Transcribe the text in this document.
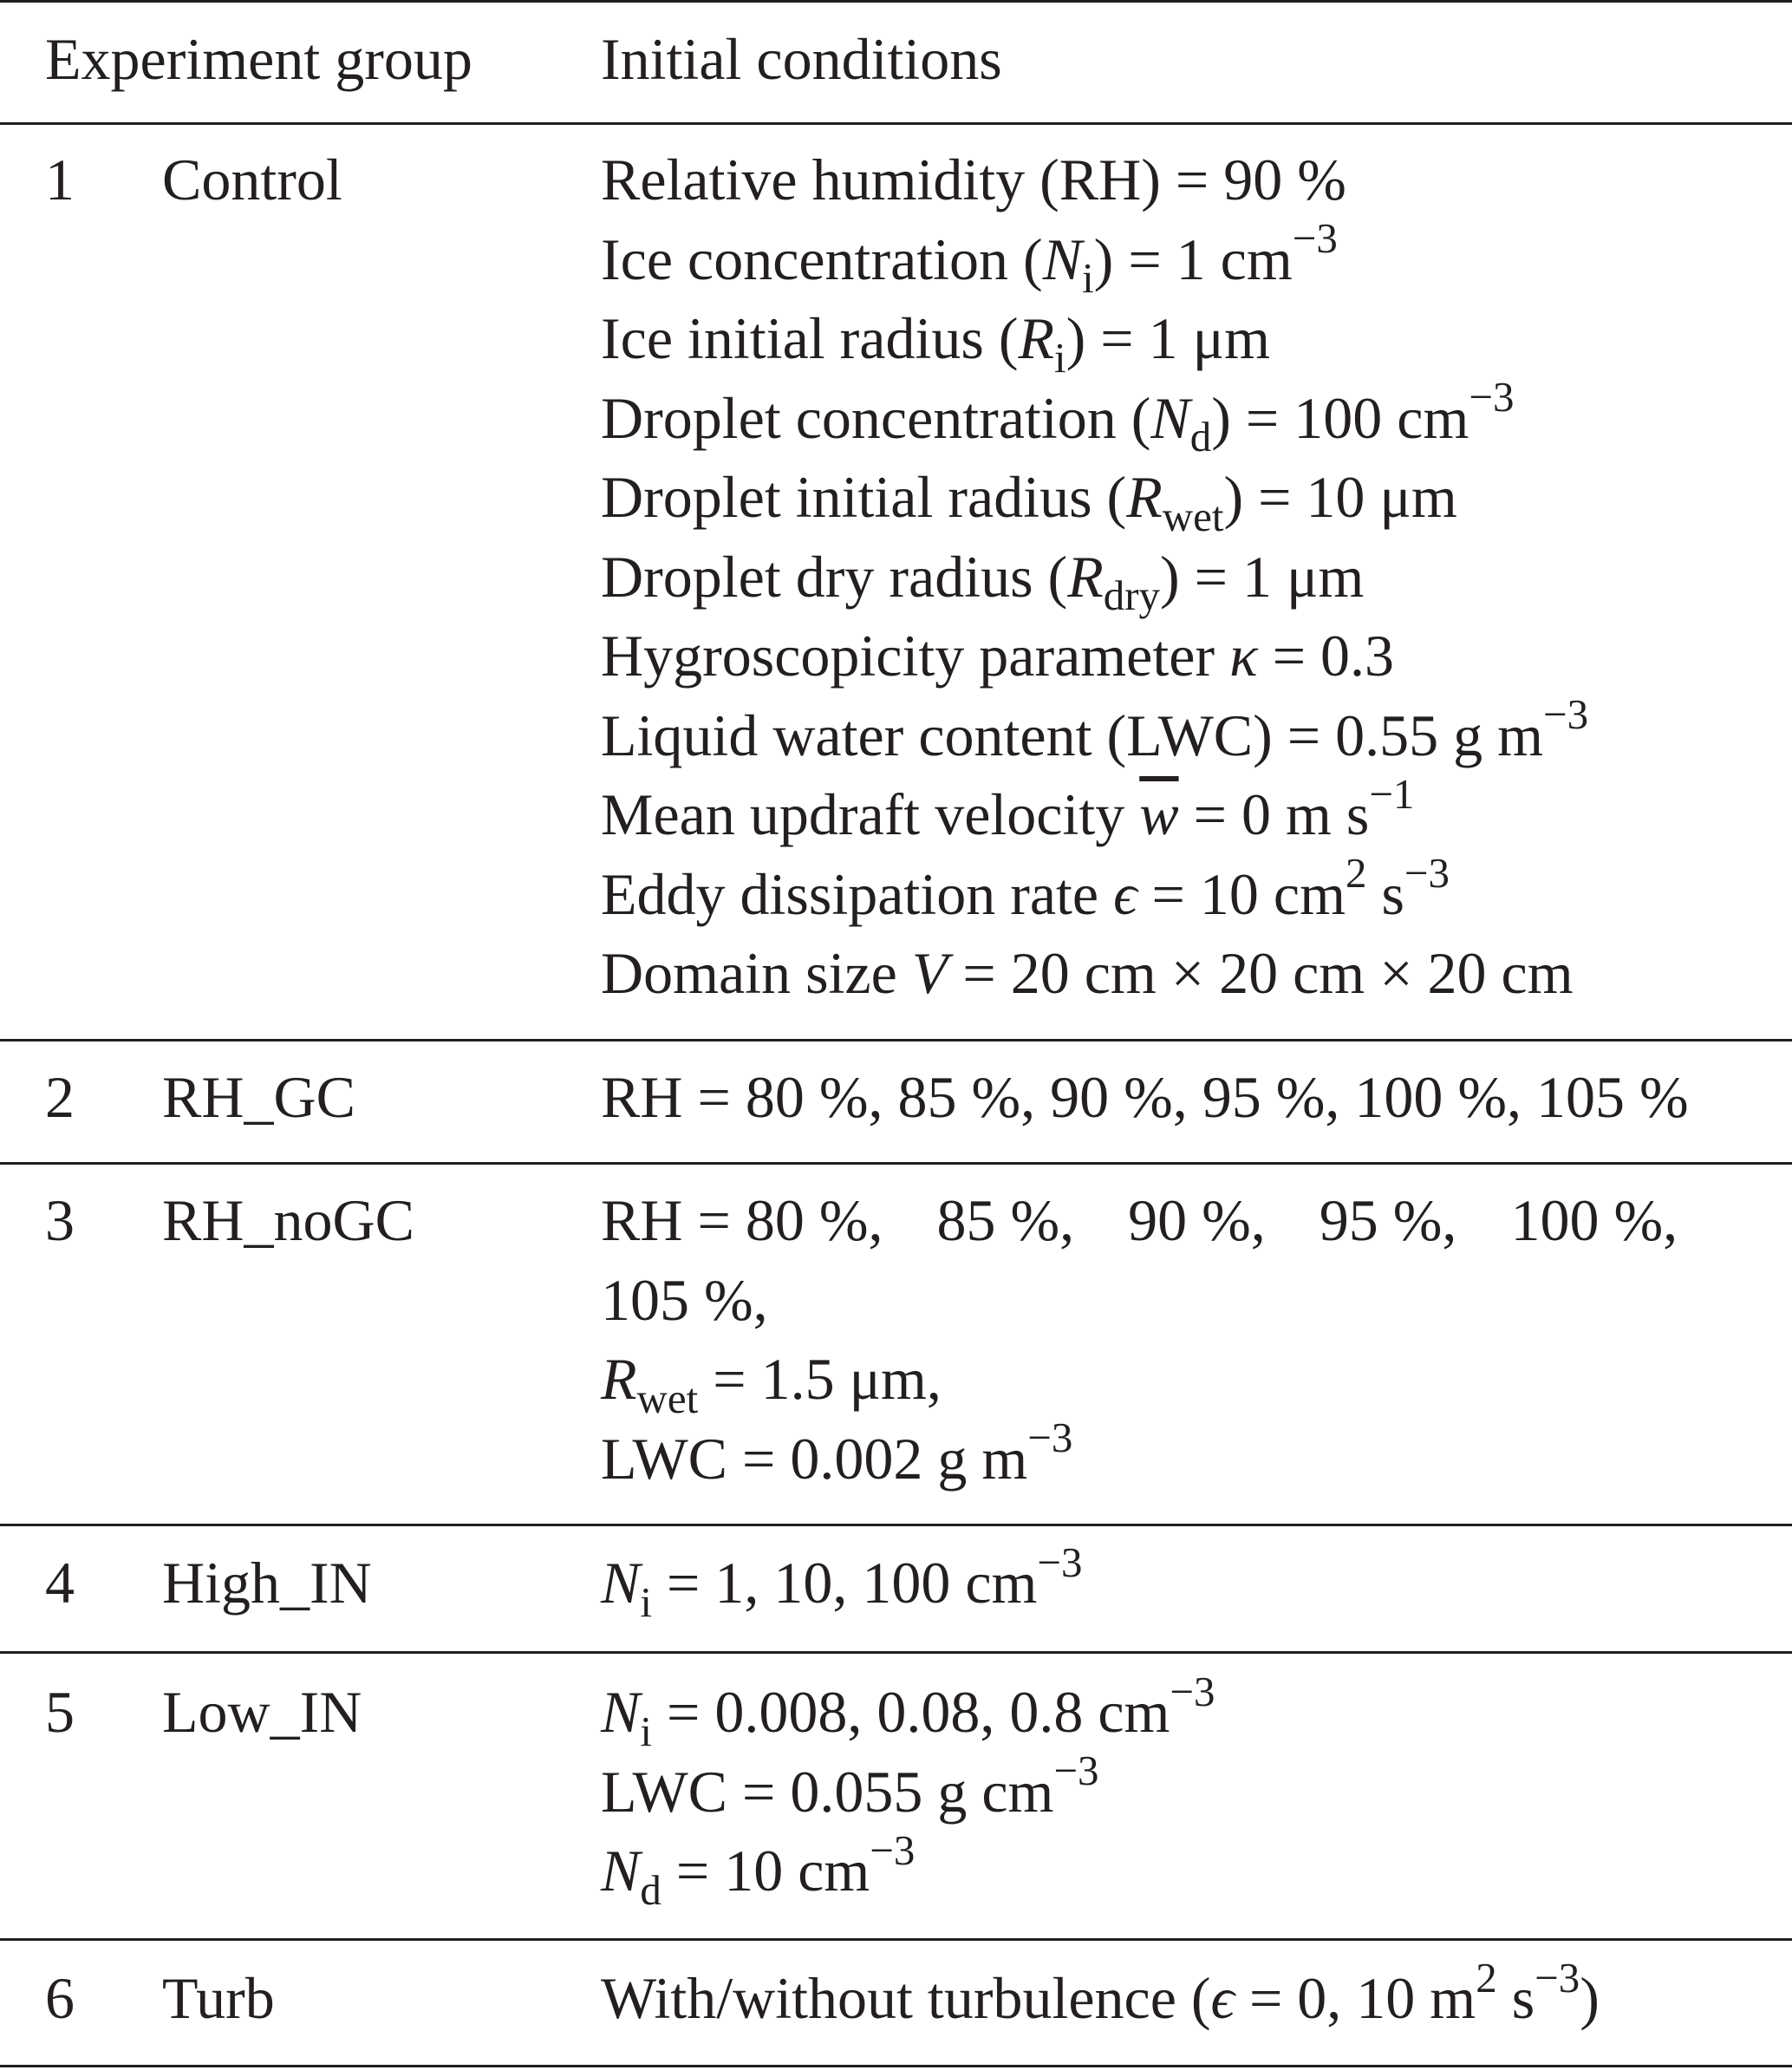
Experiment group Initial conditions
1 Control	Relative humidity (RH) = 90 %
Ice concentration $(N_i) = 1$ $cm^{-3}$
Ice initial radius $(R_i) = 1$ μm
Droplet concentration $(N_d) = 100$ $cm^{-3}$
Droplet initial radius $(R_{wet}) = 10$ μm
Droplet dry radius $(R_{dry}) = 1$ μm
Hygroscopicity parameter κ = 0.3
Liquid water content (LWC) = 0.55 g $m^{-3}$
Mean updraft velocity $\overline{w} = 0$ m $s^{-1}$
Eddy dissipation rate ϵ = 10 $cm^2$ $s^{-3}$
Domain size V = 20 cm × 20 cm × 20 cm
2 RH_GC	RH = 80 %, 85 %, 90 %, 95 %, 100 %, 105 %
3 RH_noGC	RH = 80 %, 85 %, 90 %, 95 %, 100 %,
105 %,
$R_{wet} = 1.5$ μm,
LWC = 0.002 g $m^{-3}$
4 High_IN	$N_i = 1$, 10, 100 $cm^{-3}$
5 Low_IN	$N_i = 0.008$, 0.08, 0.8 $cm^{-3}$
LWC = 0.055 g $cm^{-3}$
$N_d = 10$ $cm^{-3}$
6 Turb	With/without turbulence (ϵ = 0, 10 $m^2$ $s^{-3}$)
